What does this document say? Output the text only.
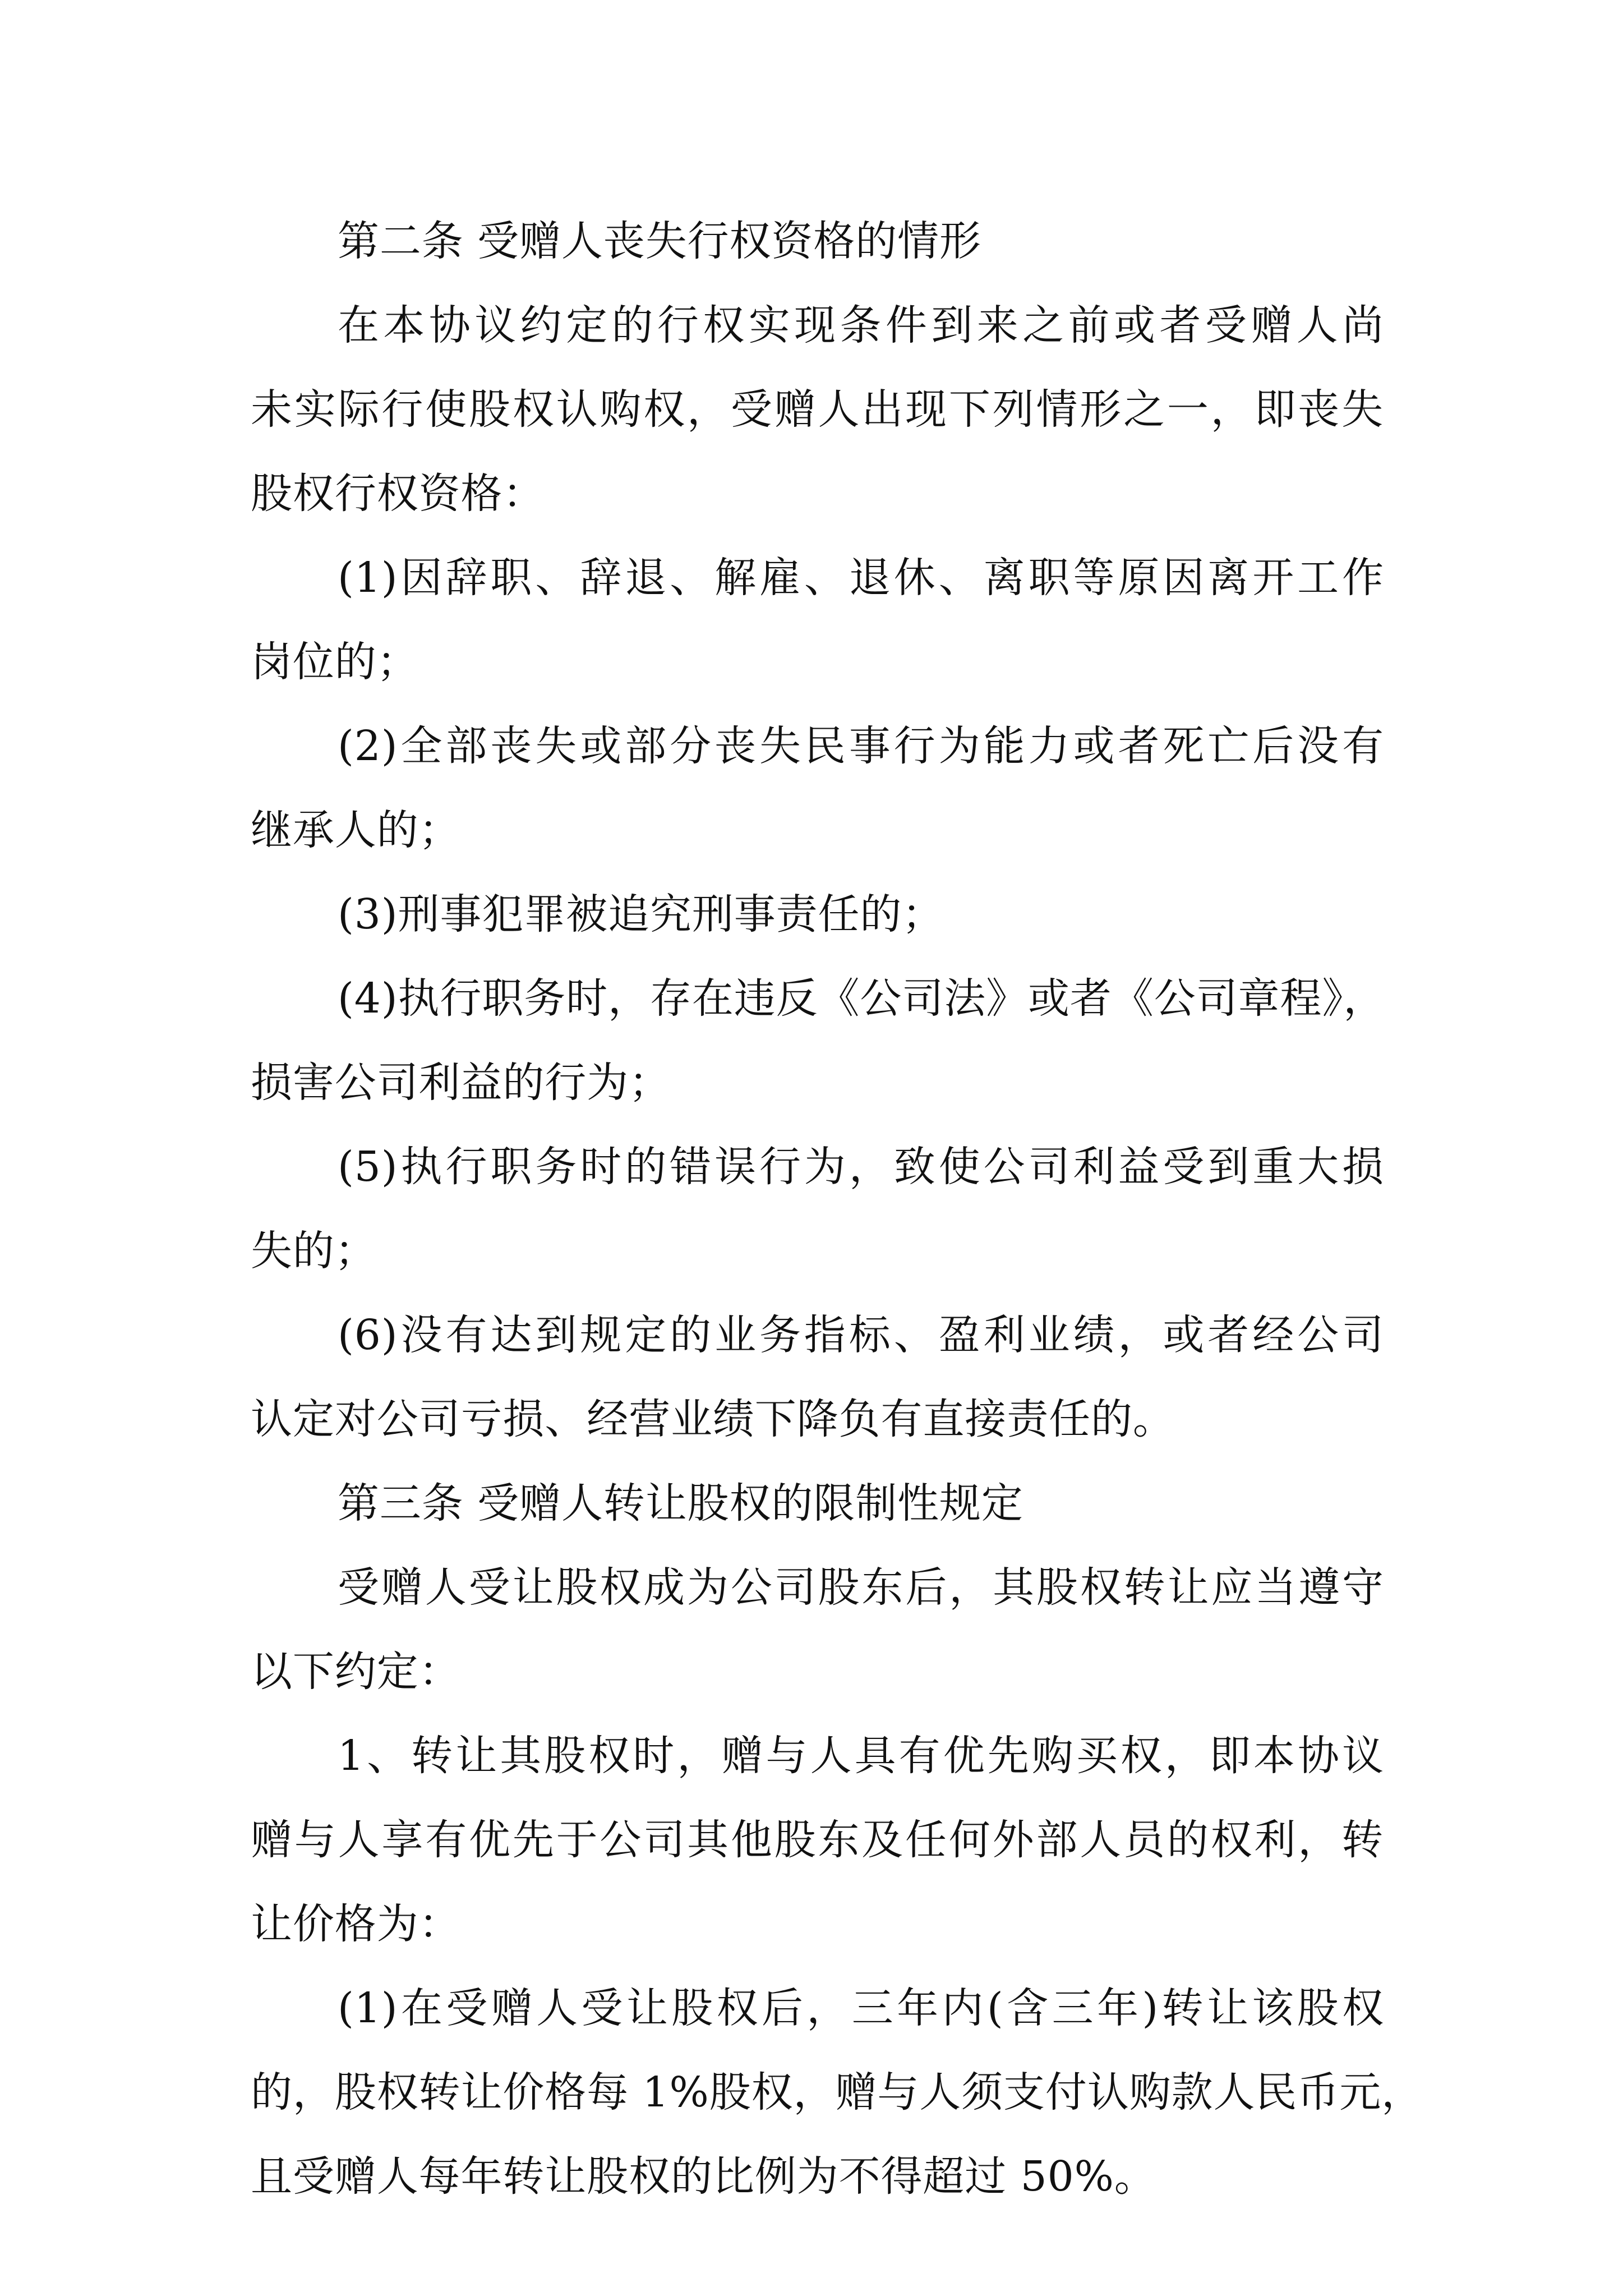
第二条 受赠人丧失行权资格的情形
在本协议约定的行权实现条件到来之前或者受赠人尚
未实际行使股权认购权，受赠人出现下列情形之一，即丧失
股权行权资格：
(1)因辞职、辞退、解雇、退休、离职等原因离开工作
岗位的；
(2)全部丧失或部分丧失民事行为能力或者死亡后没有
继承人的；
(3)刑事犯罪被追究刑事责任的；
(4)执行职务时，存在违反《公司法》或者《公司章程》，
损害公司利益的行为；
(5)执行职务时的错误行为，致使公司利益受到重大损
失的；
(6)没有达到规定的业务指标、盈利业绩，或者经公司
认定对公司亏损、经营业绩下降负有直接责任的。
第三条 受赠人转让股权的限制性规定
受赠人受让股权成为公司股东后，其股权转让应当遵守
以下约定：
1、转让其股权时，赠与人具有优先购买权，即本协议
赠与人享有优先于公司其他股东及任何外部人员的权利，转
让价格为：
(1)在受赠人受让股权后，三年内(含三年)转让该股权
的，股权转让价格每 1%股权，赠与人须支付认购款人民币元，
且受赠人每年转让股权的比例为不得超过 50%。
